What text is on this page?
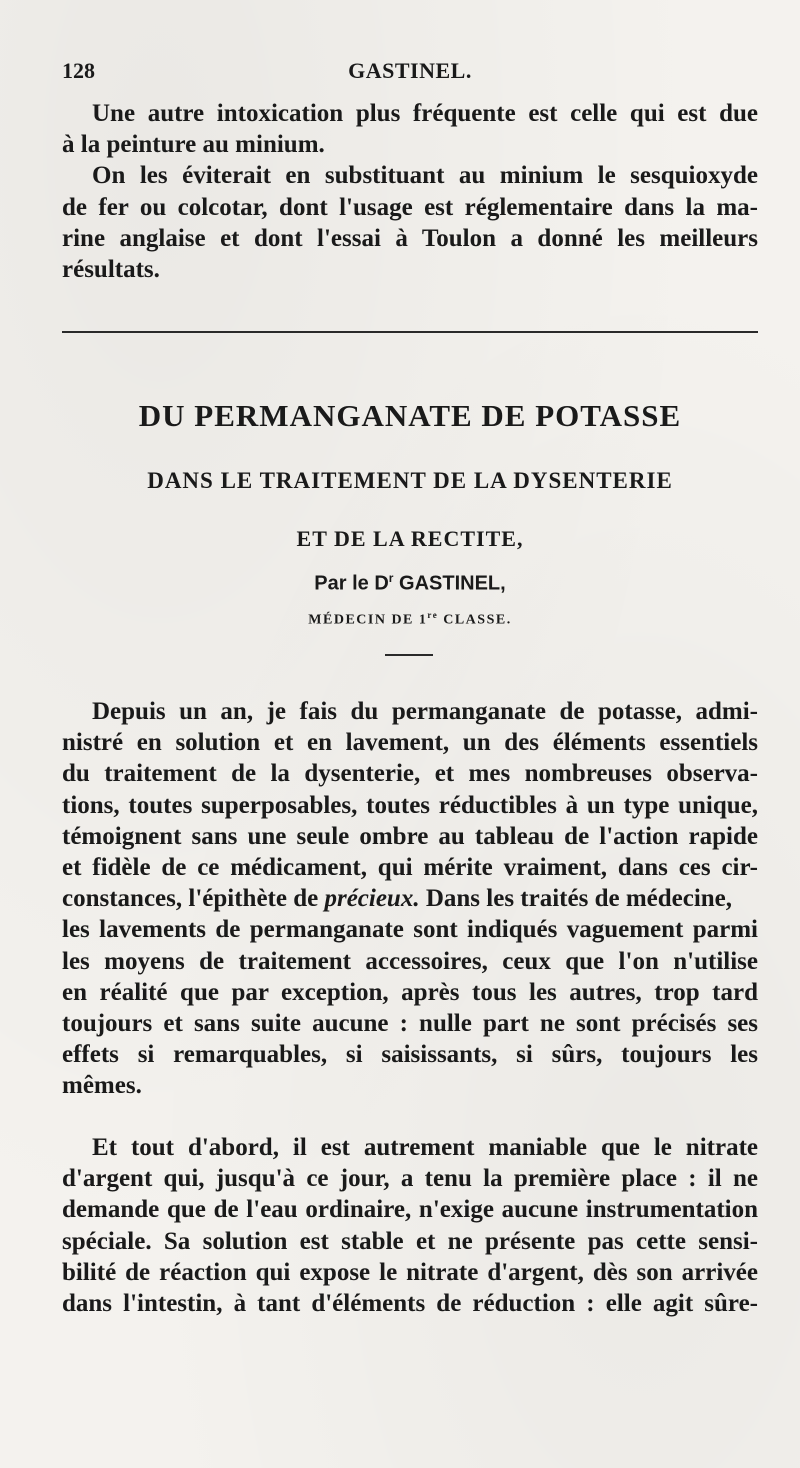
128	GASTINEL.
Une autre intoxication plus fréquente est celle qui est due
à la peinture au minium.
On les éviterait en substituant au minium le sesquioxyde
de fer ou colcotar, dont l'usage est réglementaire dans la ma-
rine anglaise et dont l'essai à Toulon a donné les meilleurs
résultats.
DU PERMANGANATE DE POTASSE
DANS LE TRAITEMENT DE LA DYSENTERIE
ET DE LA RECTITE,
Par le $D^r$ GASTINEL,
MÉDECIN DE 1re CLASSE.
Depuis un an, je fais du permanganate de potasse, admi-
nistré en solution et en lavement, un des éléments essentiels
du traitement de la dysenterie, et mes nombreuses observa-
tions, toutes superposables, toutes réductibles à un type unique,
témoignent sans une seule ombre au tableau de l'action rapide
et fidèle de ce médicament, qui mérite vraiment, dans ces cir-
constances, l'épithète de précieux. Dans les traités de médecine,
les lavements de permanganate sont indiqués vaguement parmi
les moyens de traitement accessoires, ceux que l'on n'utilise
en réalité que par exception, après tous les autres, trop tard
toujours et sans suite aucune : nulle part ne sont précisés ses
effets si remarquables, si saisissants, si sûrs, toujours les
mêmes.
Et tout d'abord, il est autrement maniable que le nitrate
d'argent qui, jusqu'à ce jour, a tenu la première place : il ne
demande que de l'eau ordinaire, n'exige aucune instrumentation
spéciale. Sa solution est stable et ne présente pas cette sensi-
bilité de réaction qui expose le nitrate d'argent, dès son arrivée
dans l'intestin, à tant d'éléments de réduction : elle agit sûre-
